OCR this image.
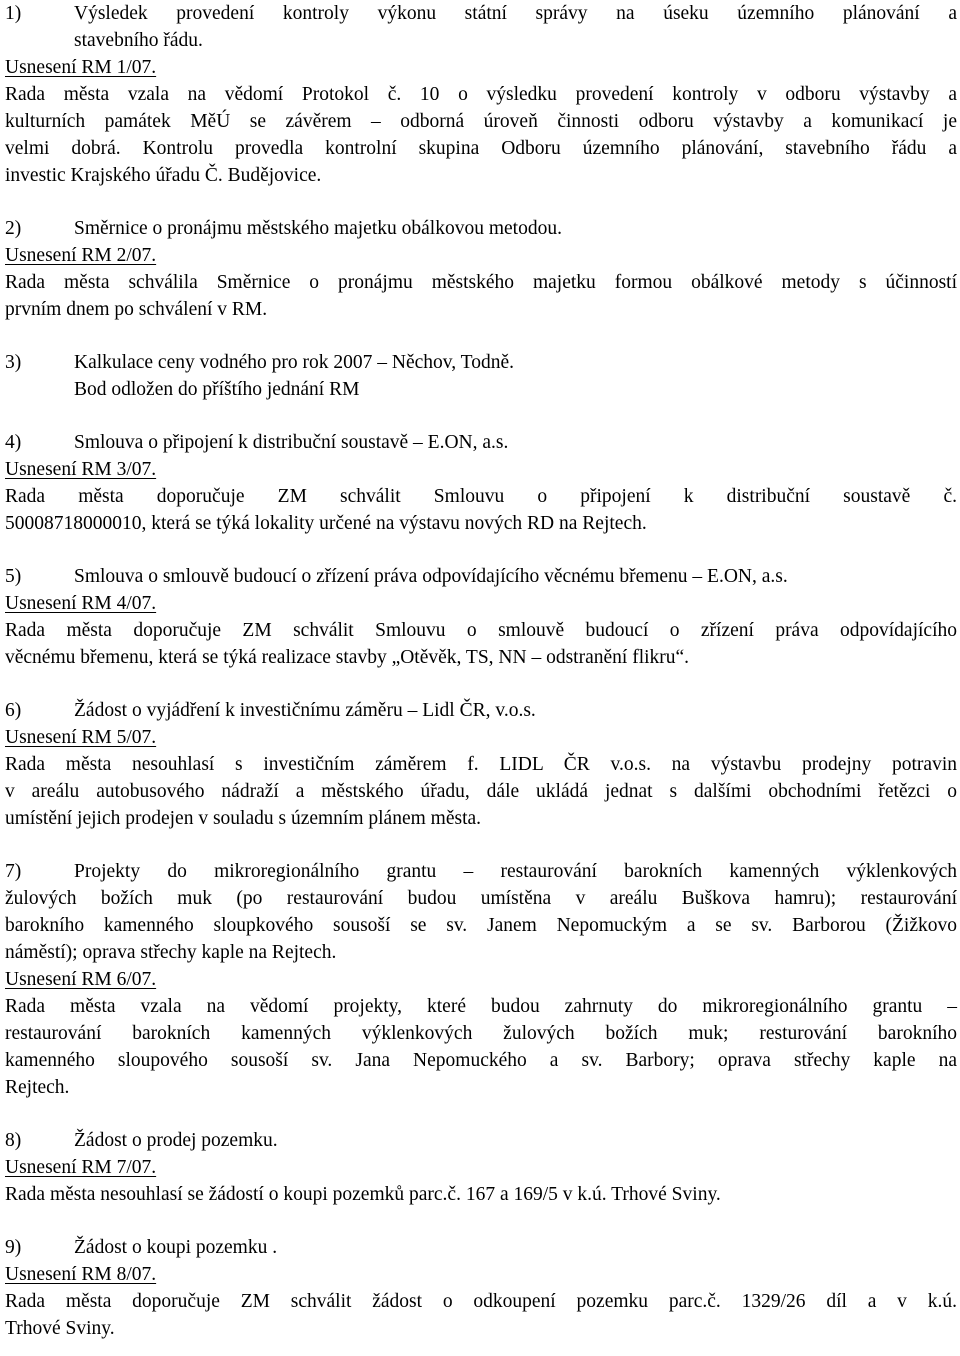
1)	Výsledek provedení kontroly výkonu státní správy na úseku územního plánování a
stavebního řádu.
Usnesení RM 1/07.
Rada města vzala na vědomí Protokol č. 10 o výsledku provedení kontroly v odboru výstavby a
kulturních památek MěÚ se závěrem – odborná úroveň činnosti odboru výstavby a komunikací je
velmi dobrá. Kontrolu provedla kontrolní skupina Odboru územního plánování, stavebního řádu a
investic Krajského úřadu Č. Budějovice.
2)	Směrnice o pronájmu městského majetku obálkovou metodou.
Usnesení RM 2/07.
Rada města schválila Směrnice o pronájmu městského majetku formou obálkové metody s účinností
prvním dnem po schválení v RM.
3)	Kalkulace ceny vodného pro rok 2007 – Něchov, Todně.
Bod odložen do příštího jednání RM
4)	Smlouva o připojení k distribuční soustavě – E.ON, a.s.
Usnesení RM 3/07.
Rada města doporučuje ZM schválit Smlouvu o připojení k distribuční soustavě č.
50008718000010, která se týká lokality určené na výstavu nových RD na Rejtech.
5)	Smlouva o smlouvě budoucí o zřízení práva odpovídajícího věcnému břemenu – E.ON, a.s.
Usnesení RM 4/07.
Rada města doporučuje ZM schválit Smlouvu o smlouvě budoucí o zřízení práva odpovídajícího
věcnému břemenu, která se týká realizace stavby „Otěvěk, TS, NN – odstranění flikru“.
6)	Žádost o vyjádření k investičnímu záměru – Lidl ČR, v.o.s.
Usnesení RM 5/07.
Rada města nesouhlasí s investičním záměrem f. LIDL ČR v.o.s. na výstavbu prodejny potravin
v areálu autobusového nádraží a městského úřadu, dále ukládá jednat s dalšími obchodními řetězci o
umístění jejich prodejen v souladu s územním plánem města.
7)	Projekty do mikroregionálního grantu – restaurování barokních kamenných výklenkových
žulových božích muk (po restaurování budou umístěna v areálu Buškova hamru); restaurování
barokního kamenného sloupkového sousoší se sv. Janem Nepomuckým a se sv. Barborou (Žižkovo
náměstí); oprava střechy kaple na Rejtech.
Usnesení RM 6/07.
Rada města vzala na vědomí projekty, které budou zahrnuty do mikroregionálního grantu –
restaurování barokních kamenných výklenkových žulových božích muk; resturování barokního
kamenného sloupového sousoší sv. Jana Nepomuckého a sv. Barbory; oprava střechy kaple na
Rejtech.
8)	Žádost o prodej pozemku.
Usnesení RM 7/07.
Rada města nesouhlasí se žádostí o koupi pozemků parc.č. 167 a 169/5 v k.ú. Trhové Sviny.
9)	Žádost o koupi pozemku .
Usnesení RM 8/07.
Rada města doporučuje ZM schválit žádost o odkoupení pozemku parc.č. 1329/26 díl a v k.ú.
Trhové Sviny.
